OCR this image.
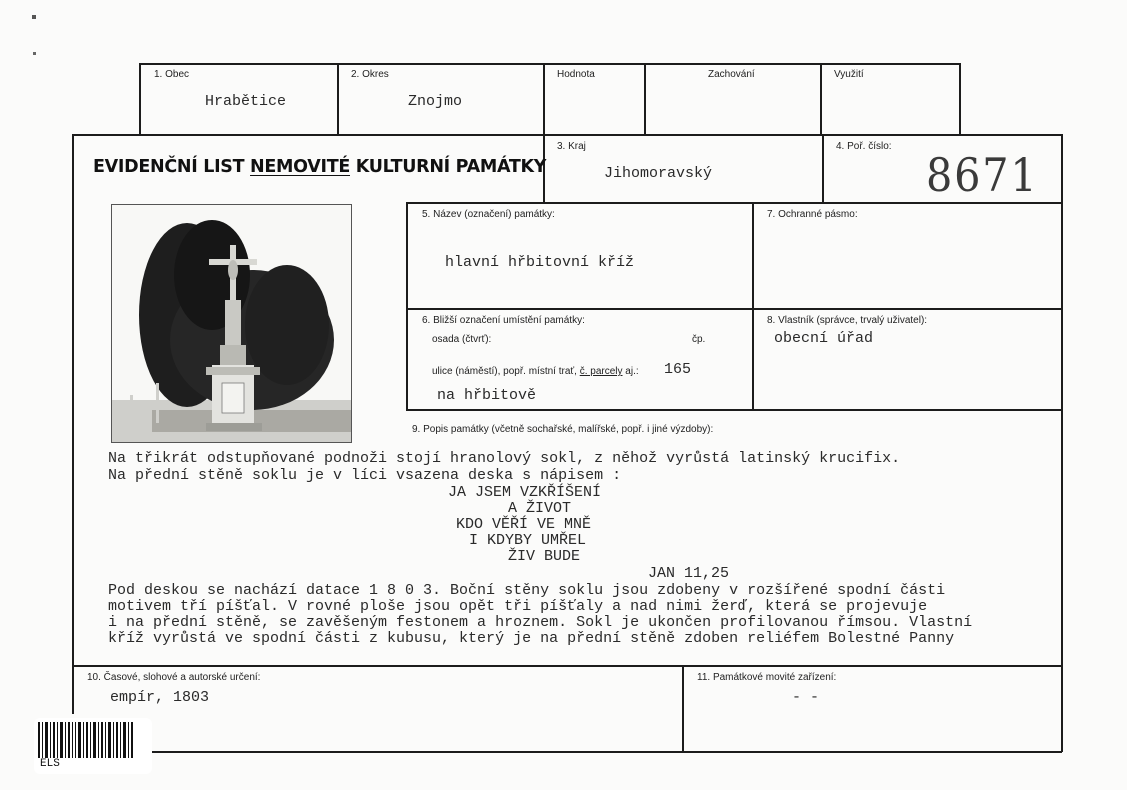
1. Obec
Hrabětice
2. Okres
Znojmo
Hodnota	Zachování	Využití
EVIDENČNÍ LIST NEMOVITÉ KULTURNÍ PAMÁTKY
3. Kraj
Jihomoravský
4. Poř. číslo:
8671
5. Název (označení) památky:
hlavní hřbitovní kříž
7. Ochranné pásmo:
6. Bližší označení umístění památky:
osada (čtvrť):	čp.
ulice (náměstí), popř. místní trať, č. parcely aj.: 165
na hřbitově
8. Vlastník (správce, trvalý uživatel):
obecní úřad
9. Popis památky (včetně sochařské, malířské, popř. i jiné výzdoby):
Na třikrát odstupňované podnoži stojí hranolový sokl, z něhož vyrůstá latinský krucifix.
Na přední stěně soklu je v líci vsazena deska s nápisem :
JA JSEM VZKŘÍŠENÍ
A ŽIVOT
KDO VĚŘÍ VE MNĚ
I KDYBY UMŘEL
ŽIV BUDE
JAN 11,25
Pod deskou se nachází datace 1 8 0 3. Boční stěny soklu jsou zdobeny v rozšířené spodní části
motivem tří píšťal. V rovné ploše jsou opět tři píšťaly a nad nimi žerď, která se projevuje
i na přední stěně, se zavěšeným festonem a hroznem. Sokl je ukončen profilovanou římsou. Vlastní
kříž vyrůstá ve spodní části z kubusu, který je na přední stěně zdoben reliéfem Bolestné Panny
10. Časové, slohové a autorské určení:
empír, 1803
11. Památkové movité zařízení:
- -
ELS
